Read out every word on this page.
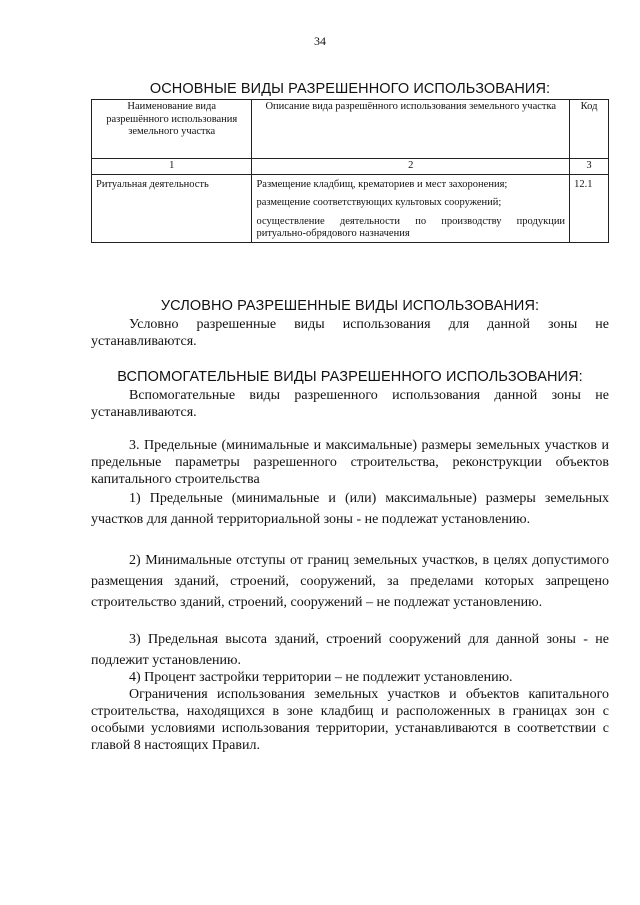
34
ОСНОВНЫЕ ВИДЫ РАЗРЕШЕННОГО ИСПОЛЬЗОВАНИЯ:
Наименование вида разрешённого использования земельного участка	Описание вида разрешённого использования земельного участка	Код
1	2	3
Ритуальная деятельность	Размещение кладбищ, крематориев и мест захоронения;
размещение соответствующих культовых сооружений;
осуществление деятельности по производству продукции ритуально-обрядового назначения	12.1
УСЛОВНО РАЗРЕШЕННЫЕ ВИДЫ ИСПОЛЬЗОВАНИЯ:
Условно разрешенные виды использования для данной зоны не устанавливаются.
ВСПОМОГАТЕЛЬНЫЕ ВИДЫ РАЗРЕШЕННОГО ИСПОЛЬЗОВАНИЯ:
Вспомогательные виды разрешенного использования данной зоны не устанавливаются.
3. Предельные (минимальные и максимальные) размеры земельных участков и предельные параметры разрешенного строительства, реконструкции объектов капитального строительства
1) Предельные (минимальные и (или) максимальные) размеры земельных участков для данной территориальной зоны - не подлежат установлению.
2) Минимальные отступы от границ земельных участков, в целях допустимого размещения зданий, строений, сооружений, за пределами которых запрещено строительство зданий, строений, сооружений – не подлежат установлению.
3) Предельная высота зданий, строений сооружений для данной зоны - не подлежит установлению.
4) Процент застройки территории – не подлежит установлению.
Ограничения использования земельных участков и объектов капитального строительства, находящихся в зоне кладбищ и расположенных в границах зон с особыми условиями использования территории, устанавливаются в соответствии с главой 8 настоящих Правил.
